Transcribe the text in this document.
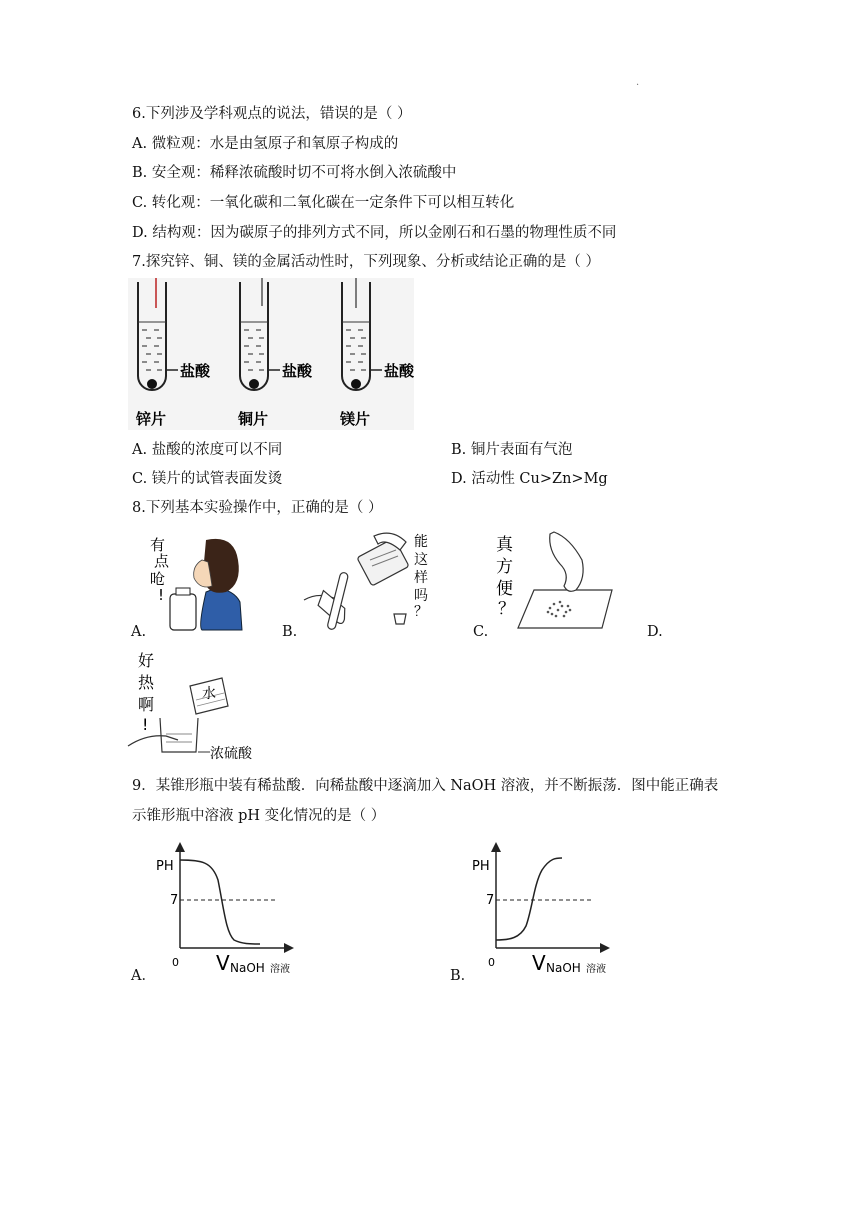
·
6.下列涉及学科观点的说法，错误的是（ ）
A. 微粒观：水是由氢原子和氧原子构成的
B. 安全观：稀释浓硫酸时切不可将水倒入浓硫酸中
C. 转化观：一氧化碳和二氧化碳在一定条件下可以相互转化
D. 结构观：因为碳原子的排列方式不同，所以金刚石和石墨的物理性质不同
7.探究锌、铜、镁的金属活动性时，下列现象、分析或结论正确的是（ ）
盐酸
锌片
盐酸
铜片
盐酸
镁片
A. 盐酸的浓度可以不同	B. 铜片表面有气泡
C. 镁片的试管表面发烫	D. 活动性 Cu>Zn>Mg
8.下列基本实验操作中，正确的是（ ）
有
点
呛
!
A.
能
这
样
吗
？
B.
真
方
便
？
C.	D.
好
热
啊
!
水
浓硫酸
9．某锥形瓶中装有稀盐酸．向稀盐酸中逐滴加入 NaOH 溶液，并不断振荡．图中能正确表
示锥形瓶中溶液 pH 变化情况的是（ ）
PH
7
0 V NaOH 溶液
A．
PH
7
0 V NaOH 溶液
B．
